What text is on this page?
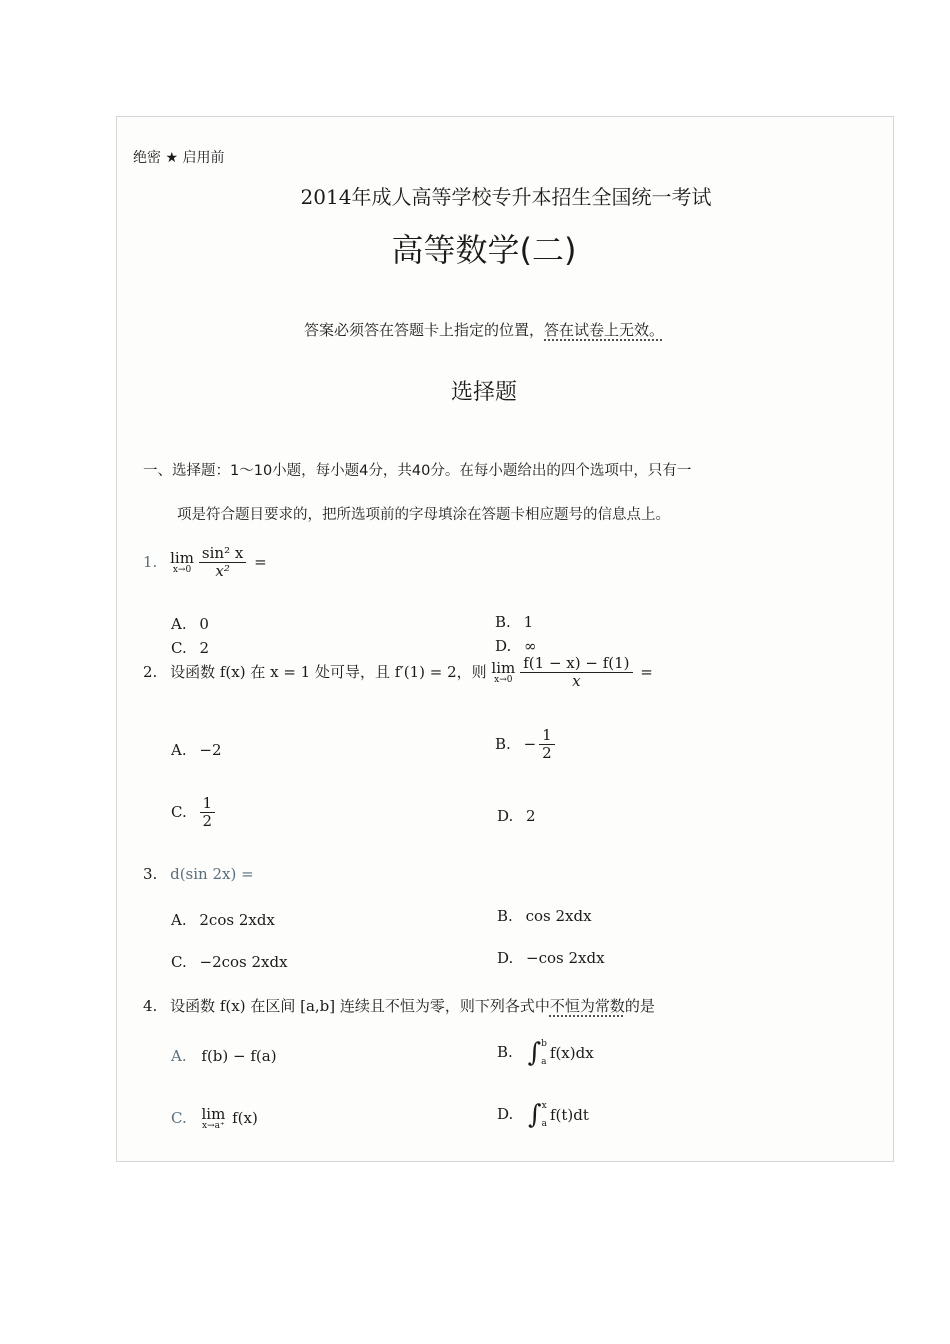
绝密 ★ 启用前
2014年成人高等学校专升本招生全国统一考试
高等数学(二)
答案必须答在答题卡上指定的位置，答在试卷上无效。
选择题
一、选择题：1～10小题，每小题4分，共40分。在每小题给出的四个选项中，只有一
项是符合题目要求的，把所选项前的字母填涂在答题卡相应题号的信息点上。
1. lim
$x\to 0 \frac{\text{sin² x}}{\text{x²}}$ =
A. 0	B. 1
C. 2	D. ∞
2. 设函数 f(x) 在 x = 1 处可导，且 f′(1) = 2，则 lim
$x\to 0 \frac{f(1 - x) - f(1)}{x}$ =
A. −2	B. − $\frac{1}{2}$
C. $\frac{1}{2}$	D. 2
3. d(sin 2x) =
A. 2cos 2xdx	B. cos 2xdx
C. −2cos 2xdx	D. −cos 2xdx
4. 设函数 f(x) 在区间 [a,b] 连续且不恒为零，则下列各式中不恒为常数的是
A. f(b) − f(a)	B. ∫ b
a f(x)dx
C. lim
x→a⁺ f(x)	D. ∫ x
a f(t)dt
